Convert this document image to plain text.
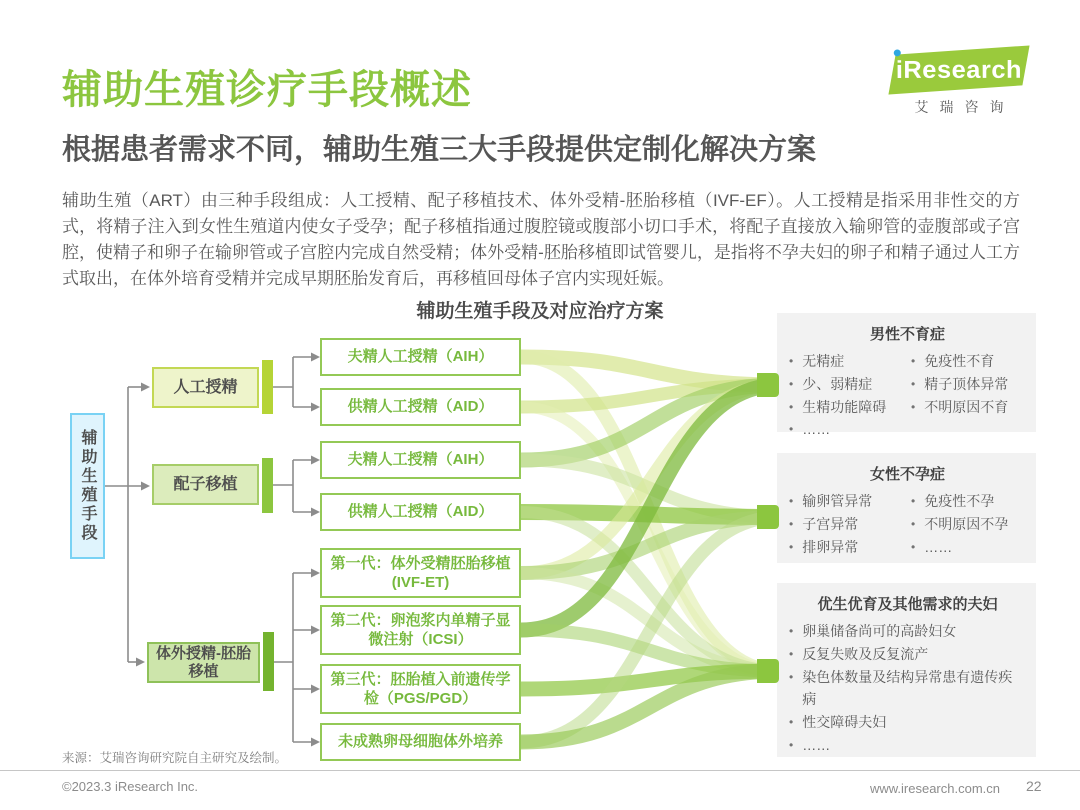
辅助生殖诊疗手段概述	iResearch
艾瑞咨询
根据患者需求不同，辅助生殖三大手段提供定制化解决方案
辅助生殖（ART）由三种手段组成：人工授精、配子移植技术、体外受精-胚胎移植（IVF-EF）。人工授精是指采用非性交的方式，将精子注入到女性生殖道内使女子受孕；配子移植指通过腹腔镜或腹部小切口手术，将配子直接放入输卵管的壶腹部或子宫腔，使精子和卵子在输卵管或子宫腔内完成自然受精；体外受精-胚胎移植即试管婴儿，是指将不孕夫妇的卵子和精子通过人工方式取出，在体外培育受精并完成早期胚胎发育后，再移植回母体子宫内实现妊娠。
辅助生殖手段及对应治疗方案
辅助生殖手段
人工授精
配子移植
体外授精-胚胎移植
夫精人工授精（AIH）
供精人工授精（AID）
夫精人工授精（AIH）
供精人工授精（AID）
第一代：体外受精胚胎移植(IVF-ET)
第二代：卵泡浆内单精子显微注射（ICSI）
第三代：胚胎植入前遗传学检（PGS/PGD）
未成熟卵母细胞体外培养
男性不育症
• 无精症
• 少、弱精症
• 生精功能障碍
• ……
• 免疫性不育
• 精子顶体异常
• 不明原因不育
女性不孕症
• 输卵管异常
• 子宫异常
• 排卵异常
• 免疫性不孕
• 不明原因不孕
• ……
优生优育及其他需求的夫妇
• 卵巢储备尚可的高龄妇女
• 反复失败及反复流产
• 染色体数量及结构异常患有遗传疾病
• 性交障碍夫妇
• ……
来源：艾瑞咨询研究院自主研究及绘制。
©2023.3 iResearch Inc.	www.iresearch.com.cn 22
